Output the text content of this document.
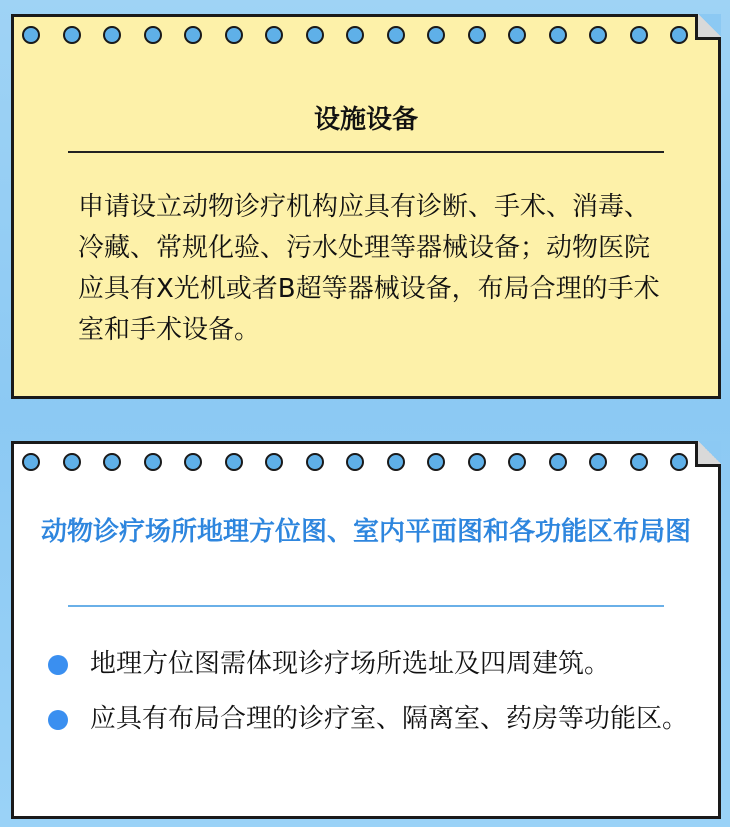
设施设备
申请设立动物诊疗机构应具有诊断、手术、消毒、冷藏、常规化验、污水处理等器械设备；动物医院应具有X光机或者B超等器械设备，布局合理的手术室和手术设备。
动物诊疗场所地理方位图、室内平面图和各功能区布局图
地理方位图需体现诊疗场所选址及四周建筑。
应具有布局合理的诊疗室、隔离室、药房等功能区。
